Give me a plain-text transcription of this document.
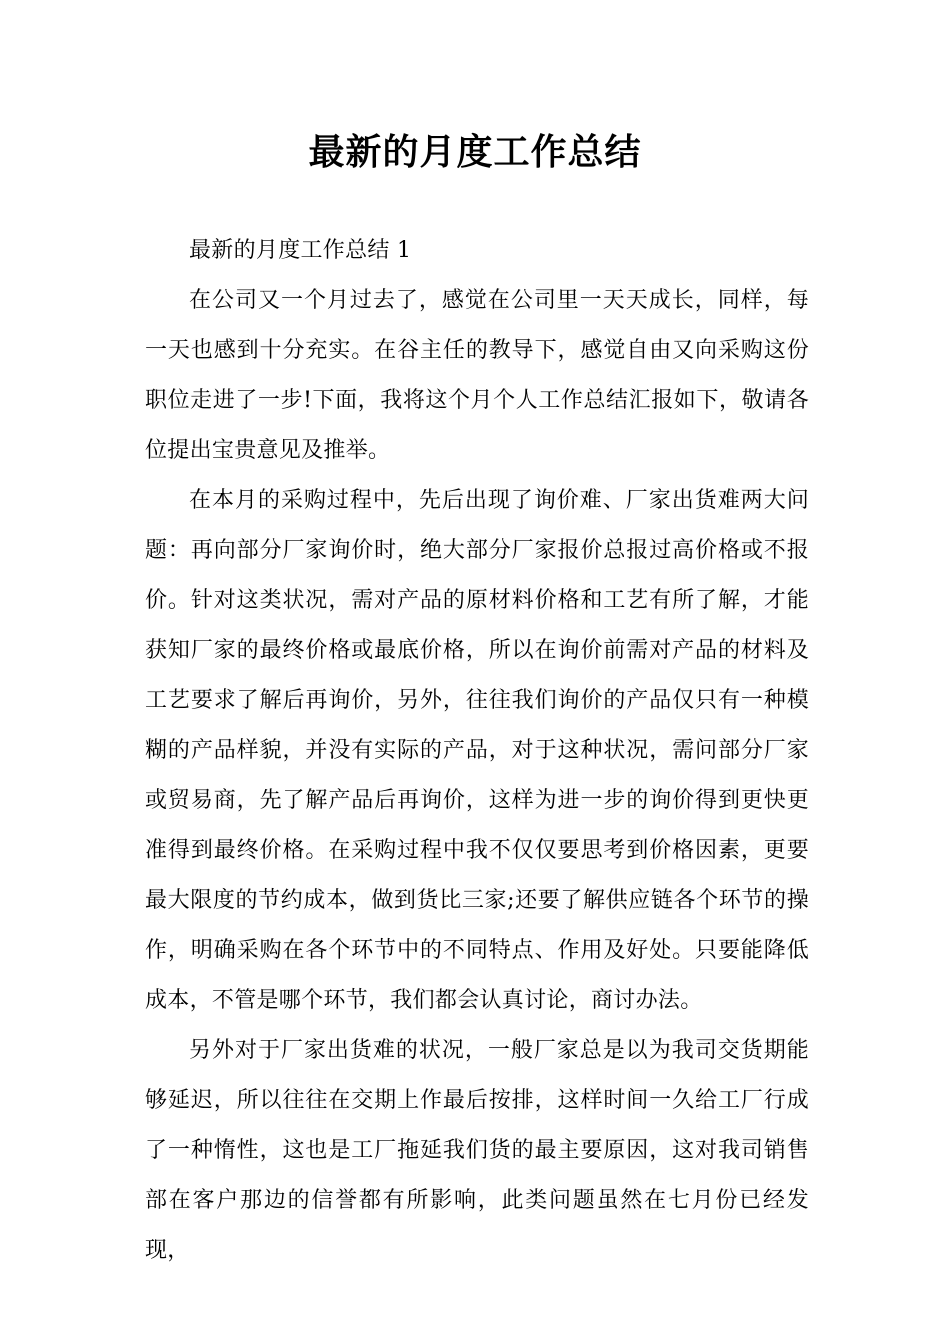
最新的月度工作总结

最新的月度工作总结 1

在公司又一个月过去了，感觉在公司里一天天成长，同样，每一天也感到十分充实。在谷主任的教导下，感觉自由又向采购这份职位走进了一步!下面，我将这个月个人工作总结汇报如下，敬请各位提出宝贵意见及推举。

在本月的采购过程中，先后出现了询价难、厂家出货难两大问题：再向部分厂家询价时，绝大部分厂家报价总报过高价格或不报价。针对这类状况，需对产品的原材料价格和工艺有所了解，才能获知厂家的最终价格或最底价格，所以在询价前需对产品的材料及工艺要求了解后再询价，另外，往往我们询价的产品仅只有一种模糊的产品样貌，并没有实际的产品，对于这种状况，需问部分厂家或贸易商，先了解产品后再询价，这样为进一步的询价得到更快更准得到最终价格。在采购过程中我不仅仅要思考到价格因素，更要最大限度的节约成本，做到货比三家;还要了解供应链各个环节的操作，明确采购在各个环节中的不同特点、作用及好处。只要能降低成本，不管是哪个环节，我们都会认真讨论，商讨办法。

另外对于厂家出货难的状况，一般厂家总是以为我司交货期能够延迟，所以往往在交期上作最后按排，这样时间一久给工厂行成了一种惰性，这也是工厂拖延我们货的最主要原因，这对我司销售部在客户那边的信誉都有所影响，此类问题虽然在七月份已经发现，
